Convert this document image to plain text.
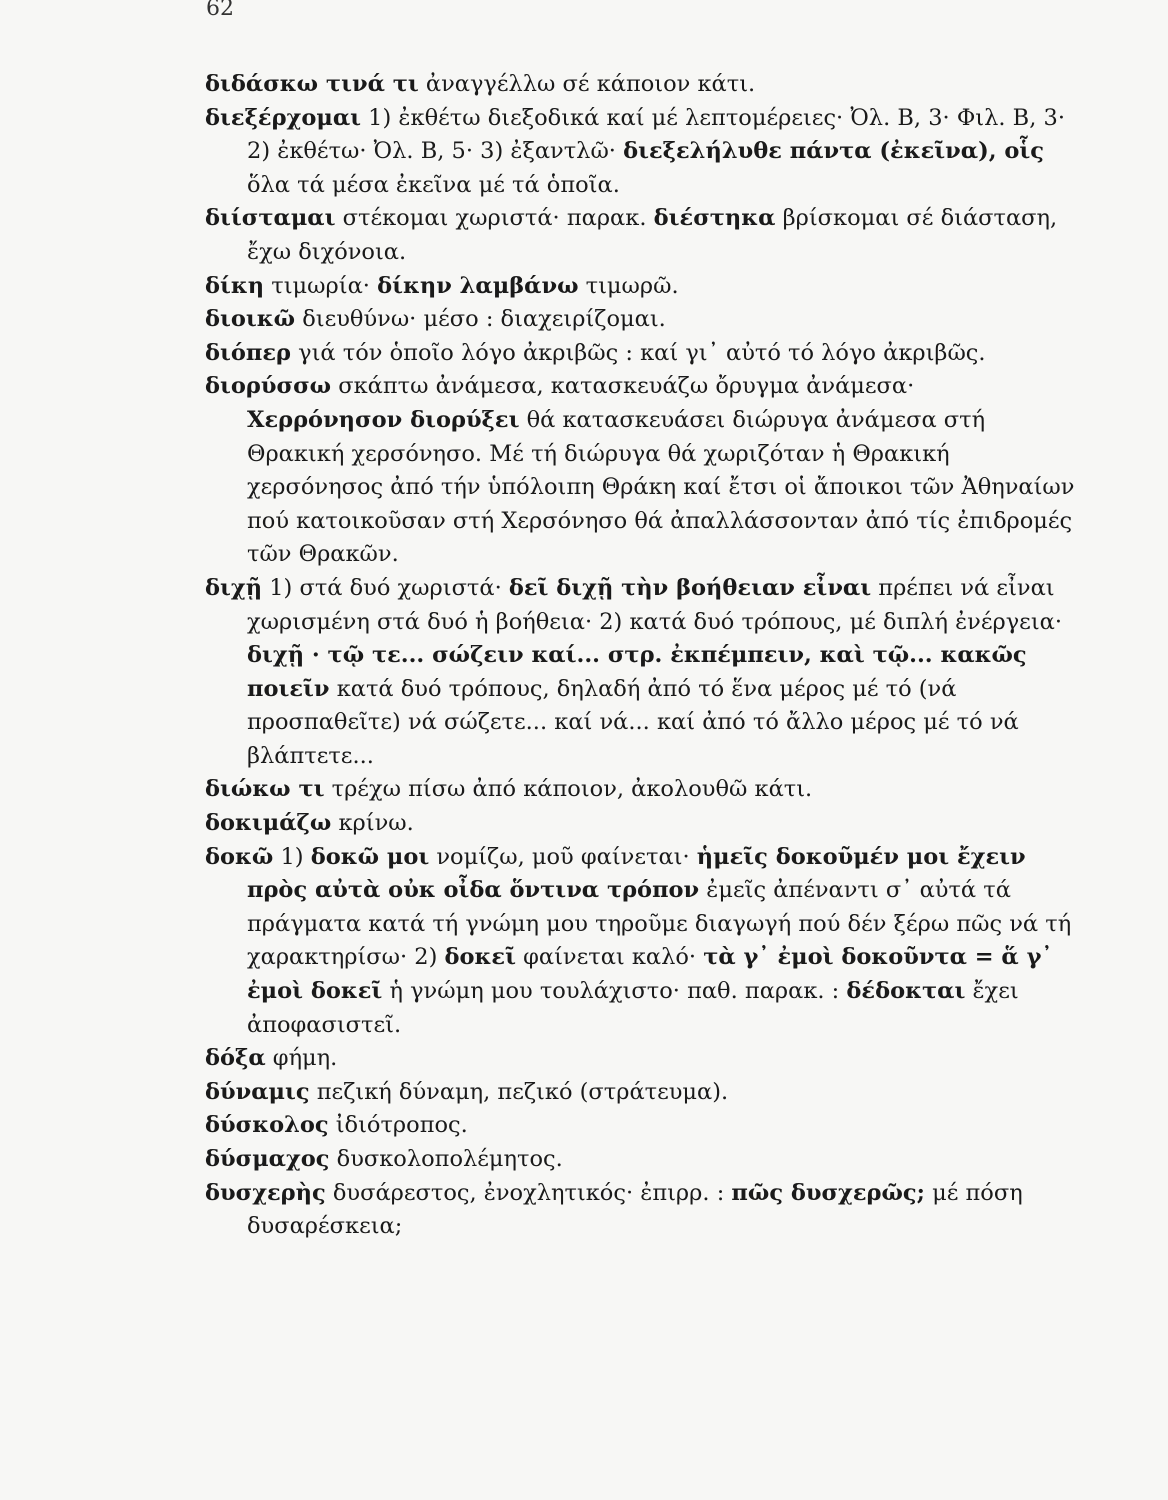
62
διδάσκω τινά τι ἀναγγέλλω σέ κάποιον κάτι.
διεξέρχομαι 1) ἐκθέτω διεξοδικά καί μέ λεπτομέρειες· Ὀλ. Β, 3· Φιλ. Β, 3· 2) ἐκθέτω· Ὀλ. Β, 5· 3) ἐξαντλῶ· διεξελήλυθε πάντα (ἐκεῖνα), οἷς ὅλα τά μέσα ἐκεῖνα μέ τά ὁποῖα.
διίσταμαι στέκομαι χωριστά· παρακ. διέστηκα βρίσκομαι σέ διάσταση, ἔχω διχόνοια.
δίκη τιμωρία· δίκην λαμβάνω τιμωρῶ.
διοικῶ διευθύνω· μέσο : διαχειρίζομαι.
διόπερ γιά τόν ὁποῖο λόγο ἀκριβῶς : καί γι᾽ αὐτό τό λόγο ἀκριβῶς.
διορύσσω σκάπτω ἀνάμεσα, κατασκευάζω ὄρυγμα ἀνάμεσα· Χερρόνησον διορύξει θά κατασκευάσει διώρυγα ἀνάμεσα στή Θρακική χερσόνησο. Μέ τή διώρυγα θά χωριζόταν ἡ Θρακική χερσόνησος ἀπό τήν ὑπόλοιπη Θράκη καί ἔτσι οἱ ἄποικοι τῶν Ἀθηναίων πού κατοικοῦσαν στή Χερσόνησο θά ἀπαλλάσσονταν ἀπό τίς ἐπιδρομές τῶν Θρακῶν.
διχῇ 1) στά δυό χωριστά· δεῖ διχῇ τὴν βοήθειαν εἶναι πρέπει νά εἶναι χωρισμένη στά δυό ἡ βοήθεια· 2) κατά δυό τρόπους, μέ διπλή ἐνέργεια· διχῇ · τῷ τε... σώζειν καί... στρ. ἐκπέμπειν, καὶ τῷ... κακῶς ποιεῖν κατά δυό τρόπους, δηλαδή ἀπό τό ἕνα μέρος μέ τό (νά προσπαθεῖτε) νά σώζετε... καί νά... καί ἀπό τό ἄλλο μέρος μέ τό νά βλάπτετε...
διώκω τι τρέχω πίσω ἀπό κάποιον, ἀκολουθῶ κάτι.
δοκιμάζω κρίνω.
δοκῶ 1) δοκῶ μοι νομίζω, μοῦ φαίνεται· ἡμεῖς δοκοῦμέν μοι ἔχειν πρὸς αὐτὰ οὐκ οἶδα ὅντινα τρόπον ἐμεῖς ἀπέναντι σ᾽ αὐτά τά πράγματα κατά τή γνώμη μου τηροῦμε διαγωγή πού δέν ξέρω πῶς νά τή χαρακτηρίσω· 2) δοκεῖ φαίνεται καλό· τὰ γ᾽ ἐμοὶ δοκοῦντα = ἅ γ᾽ ἐμοὶ δοκεῖ ἡ γνώμη μου τουλάχιστο· παθ. παρακ. : δέδοκται ἔχει ἀποφασιστεῖ.
δόξα φήμη.
δύναμις πεζική δύναμη, πεζικό (στράτευμα).
δύσκολος ἰδιότροπος.
δύσμαχος δυσκολοπολέμητος.
δυσχερὴς δυσάρεστος, ἐνοχλητικός· ἐπιρρ. : πῶς δυσχερῶς; μέ πόση δυσαρέσκεια;
